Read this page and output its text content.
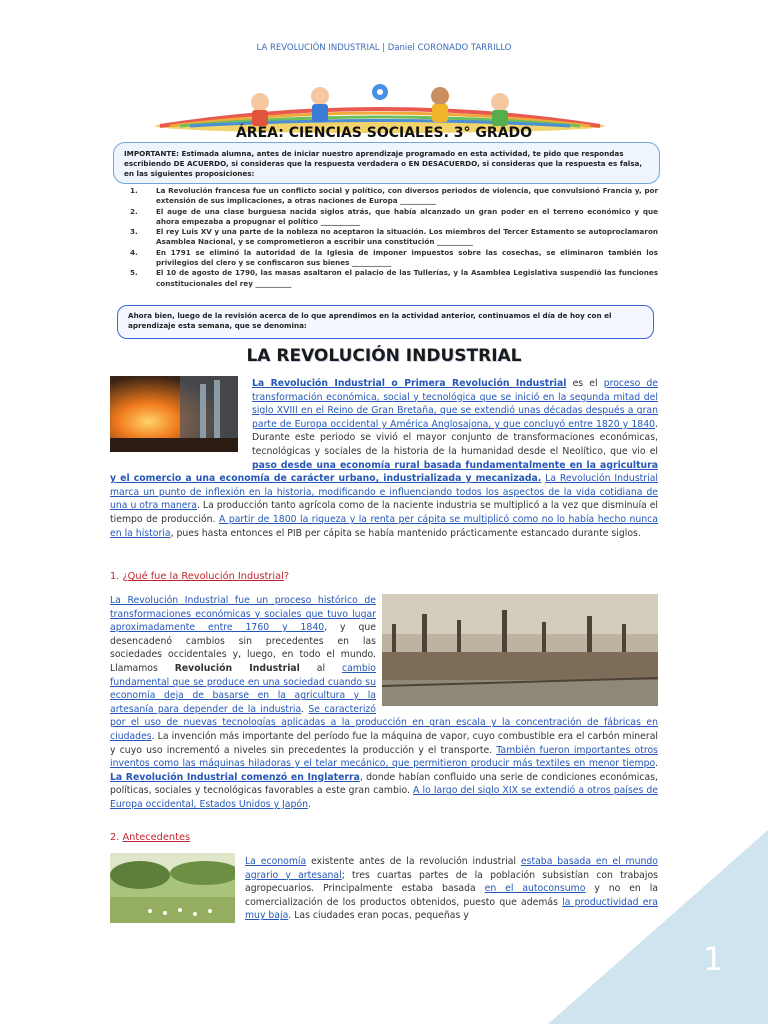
LA REVOLUCIÓN INDUSTRIAL | Daniel CORONADO TARRILLO
ÁREA: CIENCIAS SOCIALES. 3° GRADO

IMPORTANTE: Estimada alumna, antes de iniciar nuestro aprendizaje programado en esta actividad, te pido que respondas escribiendo DE ACUERDO, si consideras que la respuesta verdadera o EN DESACUERDO, si consideras que la respuesta es falsa, en las siguientes proposiciones:

1.	La Revolución francesa fue un conflicto social y político, con diversos periodos de violencia, que convulsionó Francia y, por extensión de sus implicaciones, a otras naciones de Europa __________
2.	El auge de una clase burguesa nacida siglos atrás, que había alcanzado un gran poder en el terreno económico y que ahora empezaba a propugnar el político ___________
3.	El rey Luis XV y una parte de la nobleza no aceptaron la situación. Los miembros del Tercer Estamento se autoproclamaron Asamblea Nacional, y se comprometieron a escribir una constitución __________
4.	En 1791 se eliminó la autoridad de la Iglesia de imponer impuestos sobre las cosechas, se eliminaron también los privilegios del clero y se confiscaron sus bienes ___________
5.	El 10 de agosto de 1790, las masas asaltaron el palacio de las Tullerías, y la Asamblea Legislativa suspendió las funciones constitucionales del rey __________

Ahora bien, luego de la revisión acerca de lo que aprendimos en la actividad anterior, continuamos el día de hoy con el aprendizaje esta semana, que se denomina:

LA REVOLUCIÓN INDUSTRIAL
La Revolución Industrial o Primera Revolución Industrial es el proceso de transformación económica, social y tecnológica que se inició en la segunda mitad del siglo XVIII en el Reino de Gran Bretaña, que se extendió unas décadas después a gran parte de Europa occidental y América Anglosajona, y que concluyó entre 1820 y 1840. Durante este periodo se vivió el mayor conjunto de transformaciones económicas, tecnológicas y sociales de la historia de la humanidad desde el Neolítico, que vio el paso desde una economía rural basada fundamentalmente en la agricultura y el comercio a una economía de carácter urbano, industrializada y mecanizada. La Revolución Industrial marca un punto de inflexión en la historia, modificando e influenciando todos los aspectos de la vida cotidiana de una u otra manera. La producción tanto agrícola como de la naciente industria se multiplicó a la vez que disminuía el tiempo de producción. A partir de 1800 la riqueza y la renta per cápita se multiplicó como no lo había hecho nunca en la historia, pues hasta entonces el PIB per cápita se había mantenido prácticamente estancado durante siglos.
1. ¿Qué fue la Revolución Industrial?
La Revolución Industrial fue un proceso histórico de transformaciones económicas y sociales que tuvo lugar aproximadamente entre 1760 y 1840, y que desencadenó cambios sin precedentes en las sociedades occidentales y, luego, en todo el mundo. Llamamos Revolución Industrial al cambio fundamental que se produce en una sociedad cuando su economía deja de basarse en la agricultura y la artesanía para depender de la industria. Se caracterizó por el uso de nuevas tecnologías aplicadas a la producción en gran escala y la concentración de fábricas en ciudades. La invención más importante del período fue la máquina de vapor, cuyo combustible era el carbón mineral y cuyo uso incrementó a niveles sin precedentes la producción y el transporte. También fueron importantes otros inventos como las máquinas hiladoras y el telar mecánico, que permitieron producir más textiles en menor tiempo. La Revolución Industrial comenzó en Inglaterra, donde habían confluido una serie de condiciones económicas, políticas, sociales y tecnológicas favorables a este gran cambio. A lo largo del siglo XIX se extendió a otros países de Europa occidental, Estados Unidos y Japón.
2. Antecedentes
La economía existente antes de la revolución industrial estaba basada en el mundo agrario y artesanal; tres cuartas partes de la población subsistían con trabajos agropecuarios. Principalmente estaba basada en el autoconsumo y no en la comercialización de los productos obtenidos, puesto que además la productividad era muy baja. Las ciudades eran pocas, pequeñas y
1
